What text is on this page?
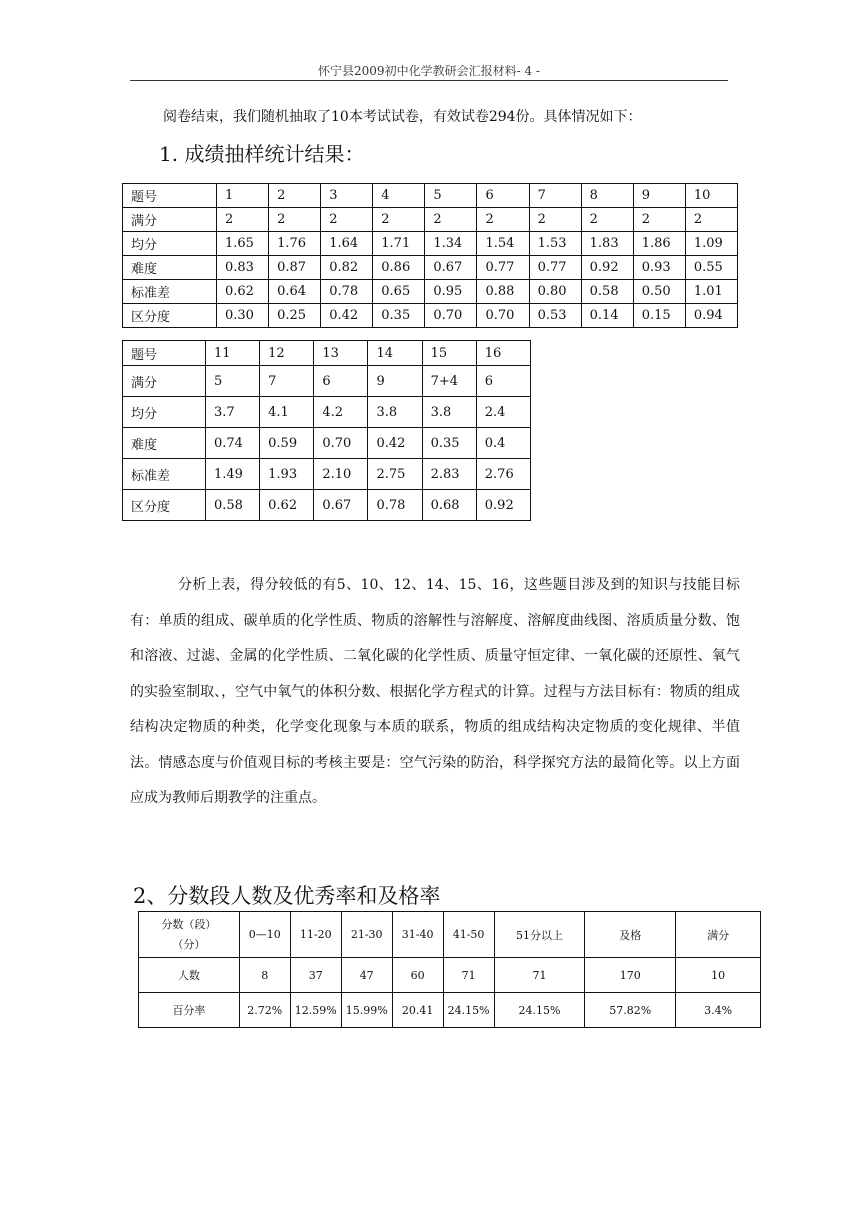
怀宁县2009初中化学教研会汇报材料- 4 -
阅卷结束，我们随机抽取了10本考试试卷，有效试卷294份。具体情况如下：
1. 成绩抽样统计结果：
题号	1	2	3	4	5	6	7	8	9	10
满分	2	2	2	2	2	2	2	2	2	2
均分	1.65	1.76	1.64	1.71	1.34	1.54	1.53	1.83	1.86	1.09
难度	0.83	0.87	0.82	0.86	0.67	0.77	0.77	0.92	0.93	0.55
标准差	0.62	0.64	0.78	0.65	0.95	0.88	0.80	0.58	0.50	1.01
区分度	0.30	0.25	0.42	0.35	0.70	0.70	0.53	0.14	0.15	0.94
题号	11	12	13	14	15	16
满分	5	7	6	9	7+4	6
均分	3.7	4.1	4.2	3.8	3.8	2.4
难度	0.74	0.59	0.70	0.42	0.35	0.4
标准差	1.49	1.93	2.10	2.75	2.83	2.76
区分度	0.58	0.62	0.67	0.78	0.68	0.92
分析上表，得分较低的有5、10、12、14、15、16，这些题目涉及到的知识与技能目标有：单质的组成、碳单质的化学性质、物质的溶解性与溶解度、溶解度曲线图、溶质质量分数、饱和溶液、过滤、金属的化学性质、二氧化碳的化学性质、质量守恒定律、一氧化碳的还原性、氧气的实验室制取、，空气中氧气的体积分数、根据化学方程式的计算。过程与方法目标有：物质的组成结构决定物质的种类，化学变化现象与本质的联系，物质的组成结构决定物质的变化规律、半值法。情感态度与价值观目标的考核主要是：空气污染的防治，科学探究方法的最简化等。以上方面应成为教师后期教学的注重点。
2、分数段人数及优秀率和及格率
分数（段）
（分）	0—10	11-20	21-30	31-40	41-50	51分以上	及格	满分
人数	8	37	47	60	71	71	170	10
百分率	2.72%	12.59%	15.99%	20.41	24.15%	24.15%	57.82%	3.4%
